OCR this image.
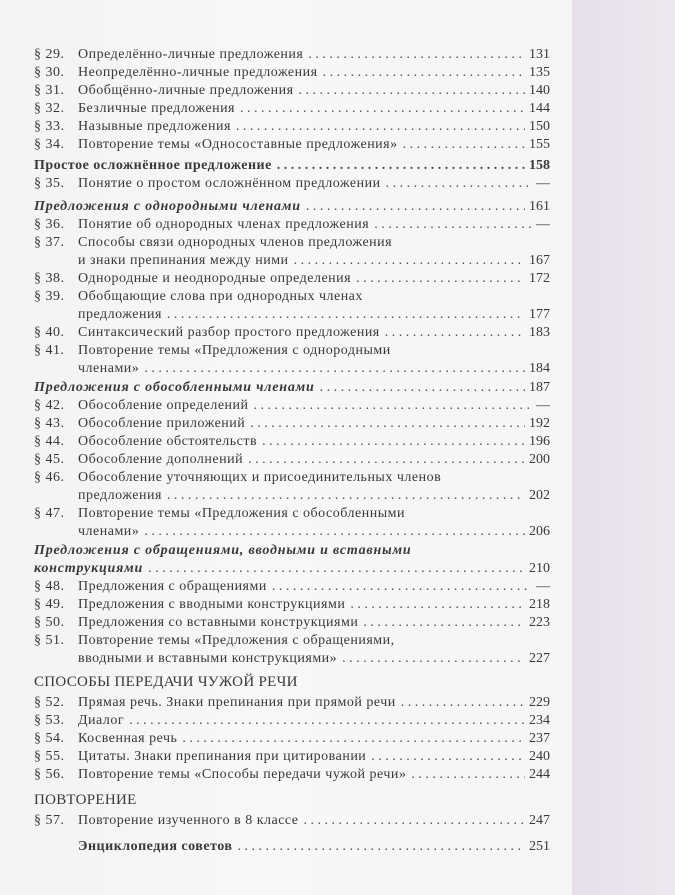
§ 29. Определённо-личные предложения . . .	131
§ 30. Неопределённо-личные предложения . . .	135
§ 31. Обобщённо-личные предложения . . .	140
§ 32. Безличные предложения . . .	144
§ 33. Назывные предложения . . .	150
§ 34. Повторение темы «Односоставные предложения» . . .	155
Простое осложнённое предложение . . .	158
§ 35. Понятие о простом осложнённом предложении . . .	—
Предложения с однородными членами . . .	161
§ 36. Понятие об однородных членах предложения . . .	—
§ 37. Способы связи однородных членов предложения
и знаки препинания между ними . . .	167
§ 38. Однородные и неоднородные определения . . .	172
§ 39. Обобщающие слова при однородных членах
предложения . . .	177
§ 40. Синтаксический разбор простого предложения . . .	183
§ 41. Повторение темы «Предложения с однородными
членами» . . .	184
Предложения с обособленными членами . . .	187
§ 42. Обособление определений . . .	—
§ 43. Обособление приложений . . .	192
§ 44. Обособление обстоятельств . . .	196
§ 45. Обособление дополнений . . .	200
§ 46. Обособление уточняющих и присоединительных членов
предложения . . .	202
§ 47. Повторение темы «Предложения с обособленными
членами» . . .	206
Предложения с обращениями, вводными и вставными
конструкциями . . .	210
§ 48. Предложения с обращениями . . .	—
§ 49. Предложения с вводными конструкциями . . .	218
§ 50. Предложения со вставными конструкциями . . .	223
§ 51. Повторение темы «Предложения с обращениями,
вводными и вставными конструкциями» . . .	227
СПОСОБЫ ПЕРЕДАЧИ ЧУЖОЙ РЕЧИ
§ 52. Прямая речь. Знаки препинания при прямой речи . . .	229
§ 53. Диалог . . .	234
§ 54. Косвенная речь . . .	237
§ 55. Цитаты. Знаки препинания при цитировании . . .	240
§ 56. Повторение темы «Способы передачи чужой речи» . . .	244
ПОВТОРЕНИЕ
§ 57. Повторение изученного в 8 классе . . .	247
Энциклопедия советов . . .	251
